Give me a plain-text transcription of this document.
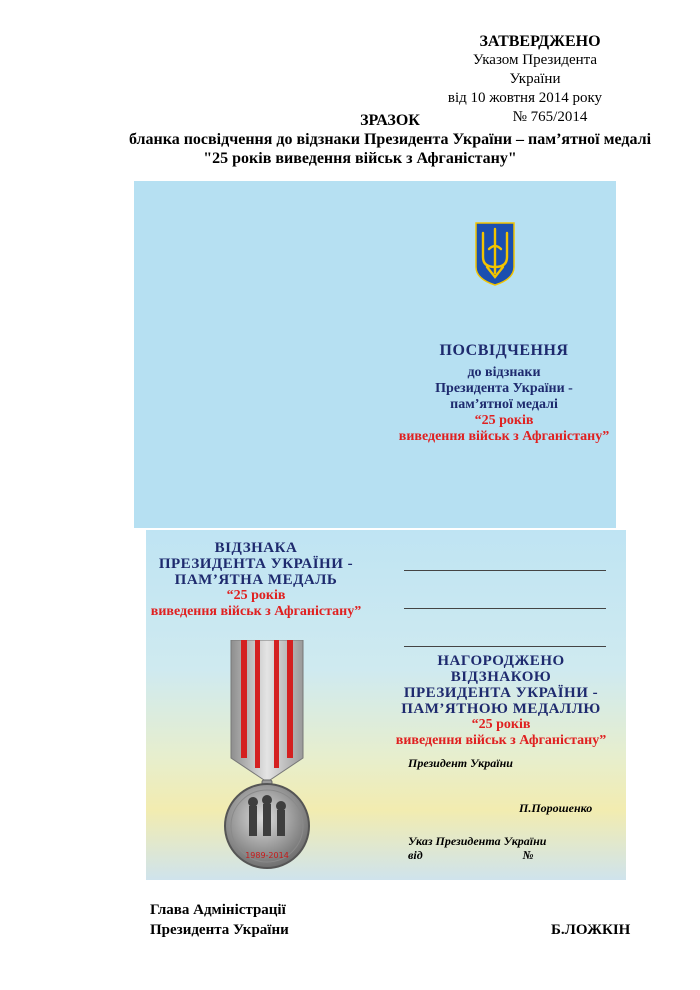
ЗАТВЕРДЖЕНО
Указом Президента України
від 10 жовтня 2014 року
№ 765/2014
ЗРАЗОК
бланка посвідчення до відзнаки Президента України – пам’ятної медалі
"25 років виведення військ з Афганістану"
ПОСВІДЧЕННЯ
до відзнаки
Президента України -
пам’ятної медалі
“25 років
виведення військ з Афганістану”
ВІДЗНАКА
ПРЕЗИДЕНТА УКРАЇНИ -
ПАМ’ЯТНА МЕДАЛЬ
“25 років
виведення військ з Афганістану”
1989-2014
НАГОРОДЖЕНО
ВІДЗНАКОЮ
ПРЕЗИДЕНТА УКРАЇНИ -
ПАМ’ЯТНОЮ МЕДАЛЛЮ
“25 років
виведення військ з Афганістану”
Президент України
П.Порошенко
Указ Президента України
від	№
Глава Адміністрації
Президента України	Б.ЛОЖКІН
